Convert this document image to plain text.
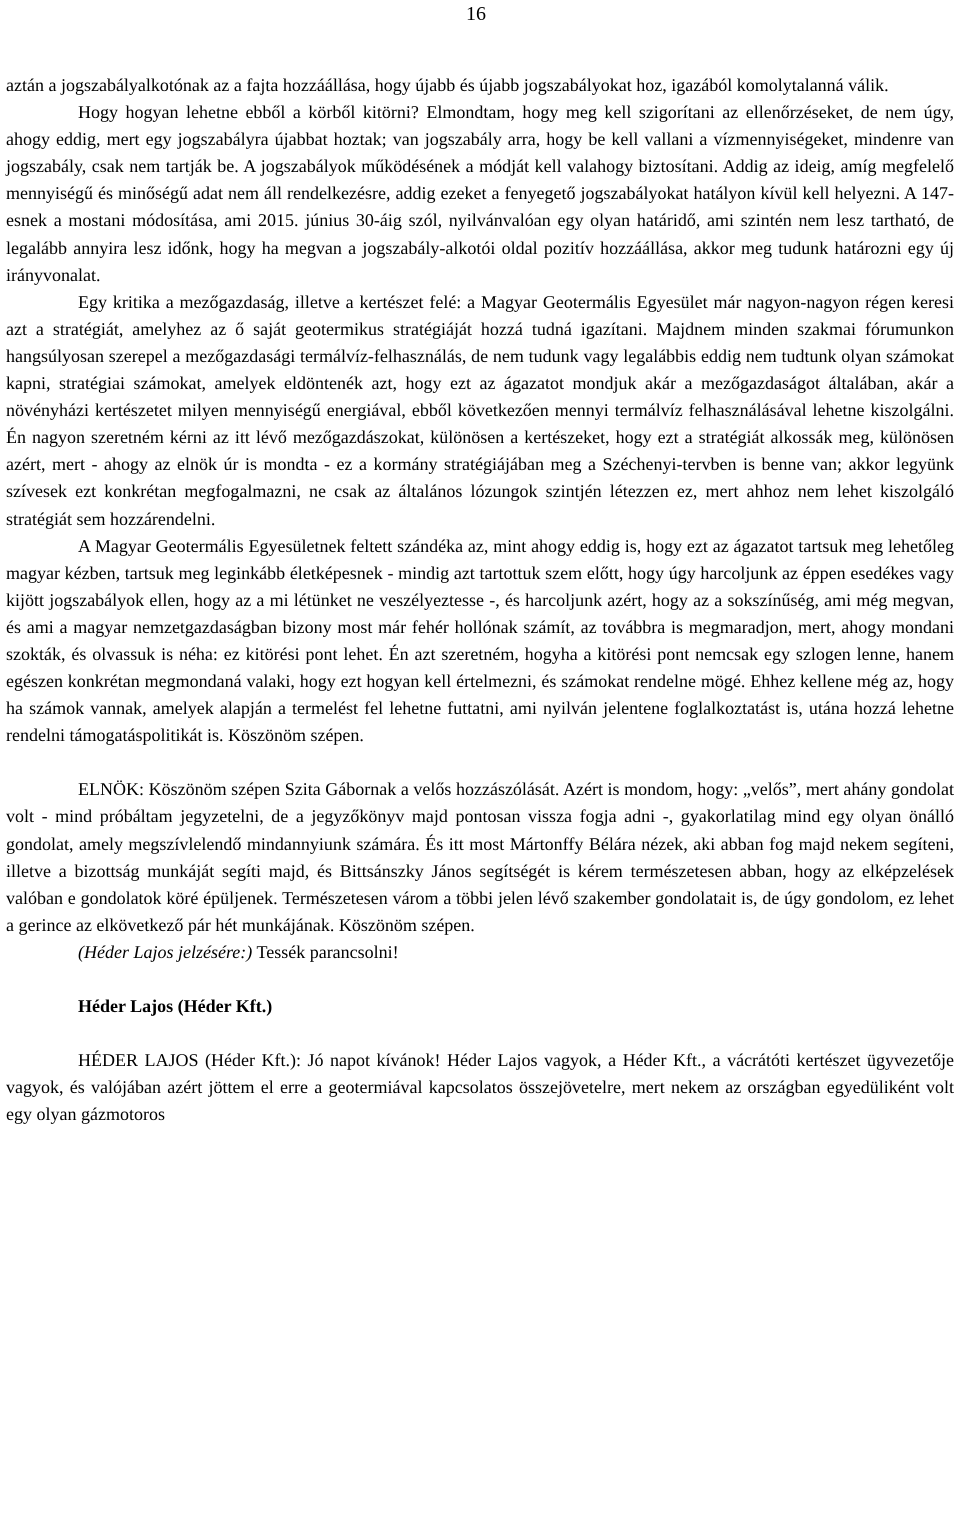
16

aztán a jogszabályalkotónak az a fajta hozzáállása, hogy újabb és újabb jogszabályokat hoz, igazából komolytalanná válik.

Hogy hogyan lehetne ebből a körből kitörni? Elmondtam, hogy meg kell szigorítani az ellenőrzéseket, de nem úgy, ahogy eddig, mert egy jogszabályra újabbat hoztak; van jogszabály arra, hogy be kell vallani a vízmennyiségeket, mindenre van jogszabály, csak nem tartják be. A jogszabályok működésének a módját kell valahogy biztosítani. Addig az ideig, amíg megfelelő mennyiségű és minőségű adat nem áll rendelkezésre, addig ezeket a fenyegető jogszabályokat hatályon kívül kell helyezni. A 147-esnek a mostani módosítása, ami 2015. június 30-áig szól, nyilvánvalóan egy olyan határidő, ami szintén nem lesz tartható, de legalább annyira lesz időnk, hogy ha megvan a jogszabály-alkotói oldal pozitív hozzáállása, akkor meg tudunk határozni egy új irányvonalat.

Egy kritika a mezőgazdaság, illetve a kertészet felé: a Magyar Geotermális Egyesület már nagyon-nagyon régen keresi azt a stratégiát, amelyhez az ő saját geotermikus stratégiáját hozzá tudná igazítani. Majdnem minden szakmai fórumunkon hangsúlyosan szerepel a mezőgazdasági termálvíz-felhasználás, de nem tudunk vagy legalábbis eddig nem tudtunk olyan számokat kapni, stratégiai számokat, amelyek eldöntenék azt, hogy ezt az ágazatot mondjuk akár a mezőgazdaságot általában, akár a növényházi kertészetet milyen mennyiségű energiával, ebből következően mennyi termálvíz felhasználásával lehetne kiszolgálni. Én nagyon szeretném kérni az itt lévő mezőgazdászokat, különösen a kertészeket, hogy ezt a stratégiát alkossák meg, különösen azért, mert - ahogy az elnök úr is mondta - ez a kormány stratégiájában meg a Széchenyi-tervben is benne van; akkor legyünk szívesek ezt konkrétan megfogalmazni, ne csak az általános lózungok szintjén létezzen ez, mert ahhoz nem lehet kiszolgáló stratégiát sem hozzárendelni.

A Magyar Geotermális Egyesületnek feltett szándéka az, mint ahogy eddig is, hogy ezt az ágazatot tartsuk meg lehetőleg magyar kézben, tartsuk meg leginkább életképesnek - mindig azt tartottuk szem előtt, hogy úgy harcoljunk az éppen esedékes vagy kijött jogszabályok ellen, hogy az a mi létünket ne veszélyeztesse -, és harcoljunk azért, hogy az a sokszínűség, ami még megvan, és ami a magyar nemzetgazdaságban bizony most már fehér hollónak számít, az továbbra is megmaradjon, mert, ahogy mondani szokták, és olvassuk is néha: ez kitörési pont lehet. Én azt szeretném, hogyha a kitörési pont nemcsak egy szlogen lenne, hanem egészen konkrétan megmondaná valaki, hogy ezt hogyan kell értelmezni, és számokat rendelne mögé. Ehhez kellene még az, hogy ha számok vannak, amelyek alapján a termelést fel lehetne futtatni, ami nyilván jelentene foglalkoztatást is, utána hozzá lehetne rendelni támogatáspolitikát is. Köszönöm szépen.

ELNÖK: Köszönöm szépen Szita Gábornak a velős hozzászólását. Azért is mondom, hogy: „velős”, mert ahány gondolat volt - mind próbáltam jegyzetelni, de a jegyzőkönyv majd pontosan vissza fogja adni -, gyakorlatilag mind egy olyan önálló gondolat, amely megszívlelendő mindannyiunk számára. És itt most Mártonffy Bélára nézek, aki abban fog majd nekem segíteni, illetve a bizottság munkáját segíti majd, és Bittsánszky János segítségét is kérem természetesen abban, hogy az elképzelések valóban e gondolatok köré épüljenek. Természetesen várom a többi jelen lévő szakember gondolatait is, de úgy gondolom, ez lehet a gerince az elkövetkező pár hét munkájának. Köszönöm szépen.

(Héder Lajos jelzésére:) Tessék parancsolni!

Héder Lajos (Héder Kft.)

HÉDER LAJOS (Héder Kft.): Jó napot kívánok! Héder Lajos vagyok, a Héder Kft., a vácrátóti kertészet ügyvezetője vagyok, és valójában azért jöttem el erre a geotermiával kapcsolatos összejövetelre, mert nekem az országban egyedüliként volt egy olyan gázmotoros
